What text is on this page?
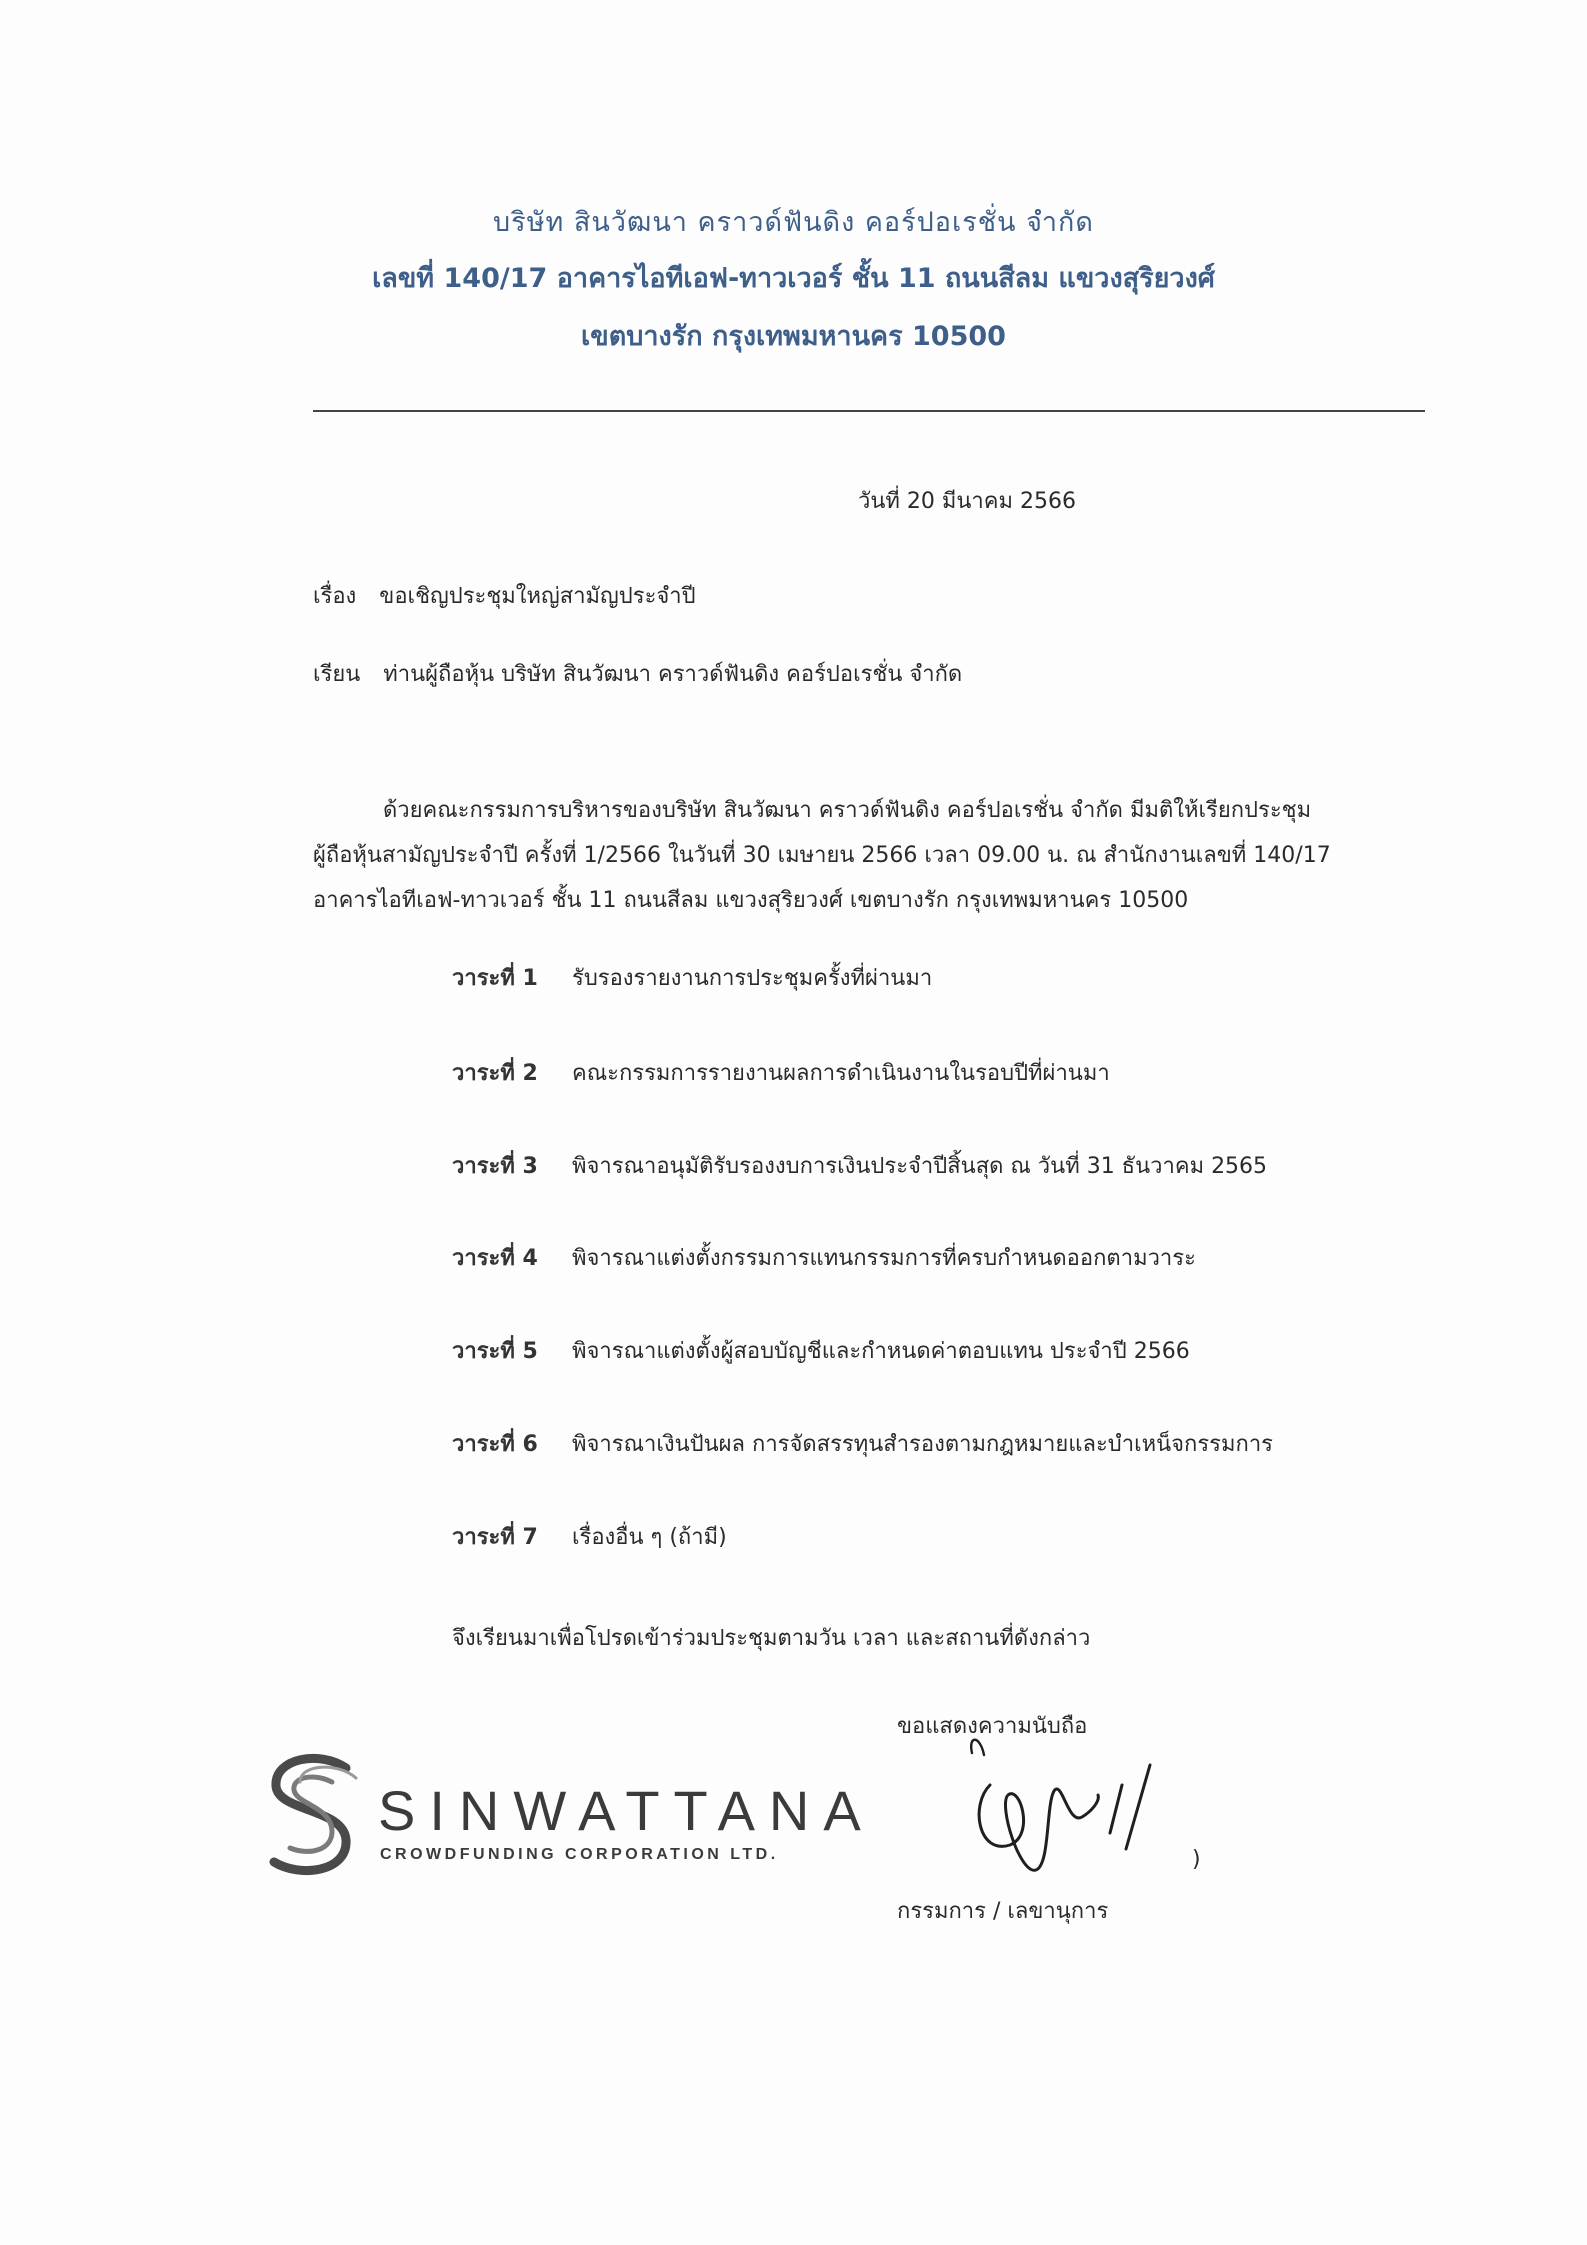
บริษัท สินวัฒนา คราวด์ฟันดิง คอร์ปอเรชั่น จำกัด
เลขที่ 140/17 อาคารไอทีเอฟ-ทาวเวอร์ ชั้น 11 ถนนสีลม แขวงสุริยวงศ์
เขตบางรัก กรุงเทพมหานคร 10500
วันที่ 20 มีนาคม 2566
เรื่อง ขอเชิญประชุมใหญ่สามัญประจำปี
เรียน ท่านผู้ถือหุ้น บริษัท สินวัฒนา คราวด์ฟันดิง คอร์ปอเรชั่น จำกัด
ด้วยคณะกรรมการบริหารของบริษัท สินวัฒนา คราวด์ฟันดิง คอร์ปอเรชั่น จำกัด มีมติให้เรียกประชุม
ผู้ถือหุ้นสามัญประจำปี ครั้งที่ 1/2566 ในวันที่ 30 เมษายน 2566 เวลา 09.00 น. ณ สำนักงานเลขที่ 140/17
อาคารไอทีเอฟ-ทาวเวอร์ ชั้น 11 ถนนสีลม แขวงสุริยวงศ์ เขตบางรัก กรุงเทพมหานคร 10500
วาระที่ 1 รับรองรายงานการประชุมครั้งที่ผ่านมา
วาระที่ 2 คณะกรรมการรายงานผลการดำเนินงานในรอบปีที่ผ่านมา
วาระที่ 3 พิจารณาอนุมัติรับรองงบการเงินประจำปีสิ้นสุด ณ วันที่ 31 ธันวาคม 2565
วาระที่ 4 พิจารณาแต่งตั้งกรรมการแทนกรรมการที่ครบกำหนดออกตามวาระ
วาระที่ 5 พิจารณาแต่งตั้งผู้สอบบัญชีและกำหนดค่าตอบแทน ประจำปี 2566
วาระที่ 6 พิจารณาเงินปันผล การจัดสรรทุนสำรองตามกฎหมายและบำเหน็จกรรมการ
วาระที่ 7 เรื่องอื่น ๆ (ถ้ามี)
จึงเรียนมาเพื่อโปรดเข้าร่วมประชุมตามวัน เวลา และสถานที่ดังกล่าว
ขอแสดงความนับถือ
)
กรรมการ / เลขานุการ
SINWATTANA
CROWDFUNDING CORPORATION LTD.
